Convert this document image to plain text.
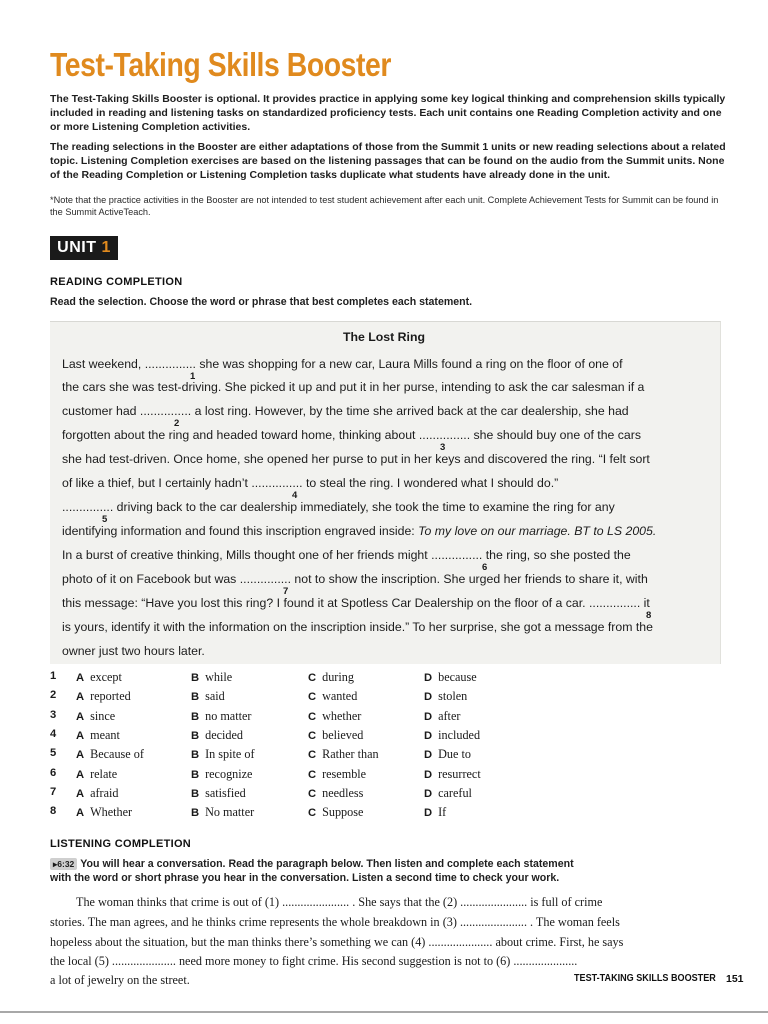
Test-Taking Skills Booster
The Test-Taking Skills Booster is optional. It provides practice in applying some key logical thinking and comprehension skills typically included in reading and listening tasks on standardized proficiency tests. Each unit contains one Reading Completion activity and one or more Listening Completion activities.
The reading selections in the Booster are either adaptations of those from the Summit 1 units or new reading selections about a related topic. Listening Completion exercises are based on the listening passages that can be found on the audio from the Summit units. None of the Reading Completion or Listening Completion tasks duplicate what students have already done in the unit.
*Note that the practice activities in the Booster are not intended to test student achievement after each unit. Complete Achievement Tests for Summit can be found in the Summit ActiveTeach.
UNIT 1
READING COMPLETION
Read the selection. Choose the word or phrase that best completes each statement.
The Lost Ring
Last weekend, ............... she was shopping for a new car, Laura Mills found a ring on the floor of one of
the cars she was test-driving. She picked it up and put it in her purse, intending to ask the car salesman if a
customer had ............... a lost ring. However, by the time she arrived back at the car dealership, she had
forgotten about the ring and headed toward home, thinking about ............... she should buy one of the cars
she had test-driven. Once home, she opened her purse to put in her keys and discovered the ring. “I felt sort
of like a thief, but I certainly hadn’t ............... to steal the ring. I wondered what I should do.”
............... driving back to the car dealership immediately, she took the time to examine the ring for any
identifying information and found this inscription engraved inside: To my love on our marriage. BT to LS 2005.
In a burst of creative thinking, Mills thought one of her friends might ............... the ring, so she posted the
photo of it on Facebook but was ............... not to show the inscription. She urged her friends to share it, with
this message: “Have you lost this ring? I found it at Spotless Car Dealership on the floor of a car. ............... it
is yours, identify it with the information on the inscription inside.” To her surprise, she got a message from the
owner just two hours later.
1
2
3
4
5
6
7
8
1	A except	B while	C during	D because
2	A reported	B said	C wanted	D stolen
3	A since	B no matter	C whether	D after
4	A meant	B decided	C believed	D included
5	A Because of	B In spite of	C Rather than	D Due to
6	A relate	B recognize	C resemble	D resurrect
7	A afraid	B satisfied	C needless	D careful
8	A Whether	B No matter	C Suppose	D If
LISTENING COMPLETION
▸6:32 You will hear a conversation. Read the paragraph below. Then listen and complete each statement
with the word or short phrase you hear in the conversation. Listen a second time to check your work.
The woman thinks that crime is out of (1) ...................... . She says that the (2) ...................... is full of crime
stories. The man agrees, and he thinks crime represents the whole breakdown in (3) ...................... . The woman feels
hopeless about the situation, but the man thinks there’s something we can (4) ..................... about crime. First, he says
the local (5) ..................... need more money to fight crime. His second suggestion is not to (6) .....................
a lot of jewelry on the street.	TEST-TAKING SKILLS BOOSTER 151
